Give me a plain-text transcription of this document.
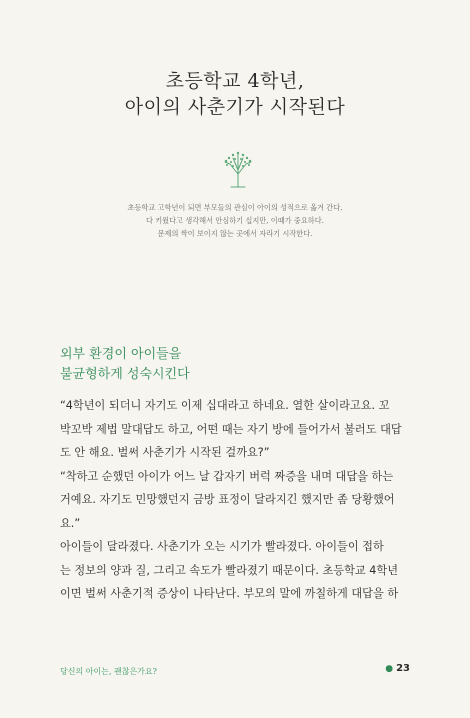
초등학교 4학년,
아이의 사춘기가 시작된다
초등학교 고학년이 되면 부모들의 관심이 아이의 성적으로 옮겨 간다.
다 키웠다고 생각해서 안심하기 십지만, 이때가 중요하다.
문제의 싹이 보이지 않는 곳에서 자라기 시작한다.
외부 환경이 아이들을
불균형하게 성숙시킨다
“4학년이 되더니 자기도 이제 십대라고 하네요. 열한 살이라고요. 꼬
박꼬박 제법 말대답도 하고, 어떤 때는 자기 방에 들어가서 불러도 대답
도 안 해요. 벌써 사춘기가 시작된 걸까요?”
“착하고 순했던 아이가 어느 날 갑자기 버럭 짜증을 내며 대답을 하는
거예요. 자기도 민망했던지 금방 표정이 달라지긴 했지만 좀 당황했어
요.”
아이들이 달라졌다. 사춘기가 오는 시기가 빨라졌다. 아이들이 접하
는 정보의 양과 질, 그리고 속도가 빨라졌기 때문이다. 초등학교 4학년
이면 벌써 사춘기적 증상이 나타난다. 부모의 말에 까칠하게 대답을 하
당신의 아이는, 괜찮은가요?	● 23
